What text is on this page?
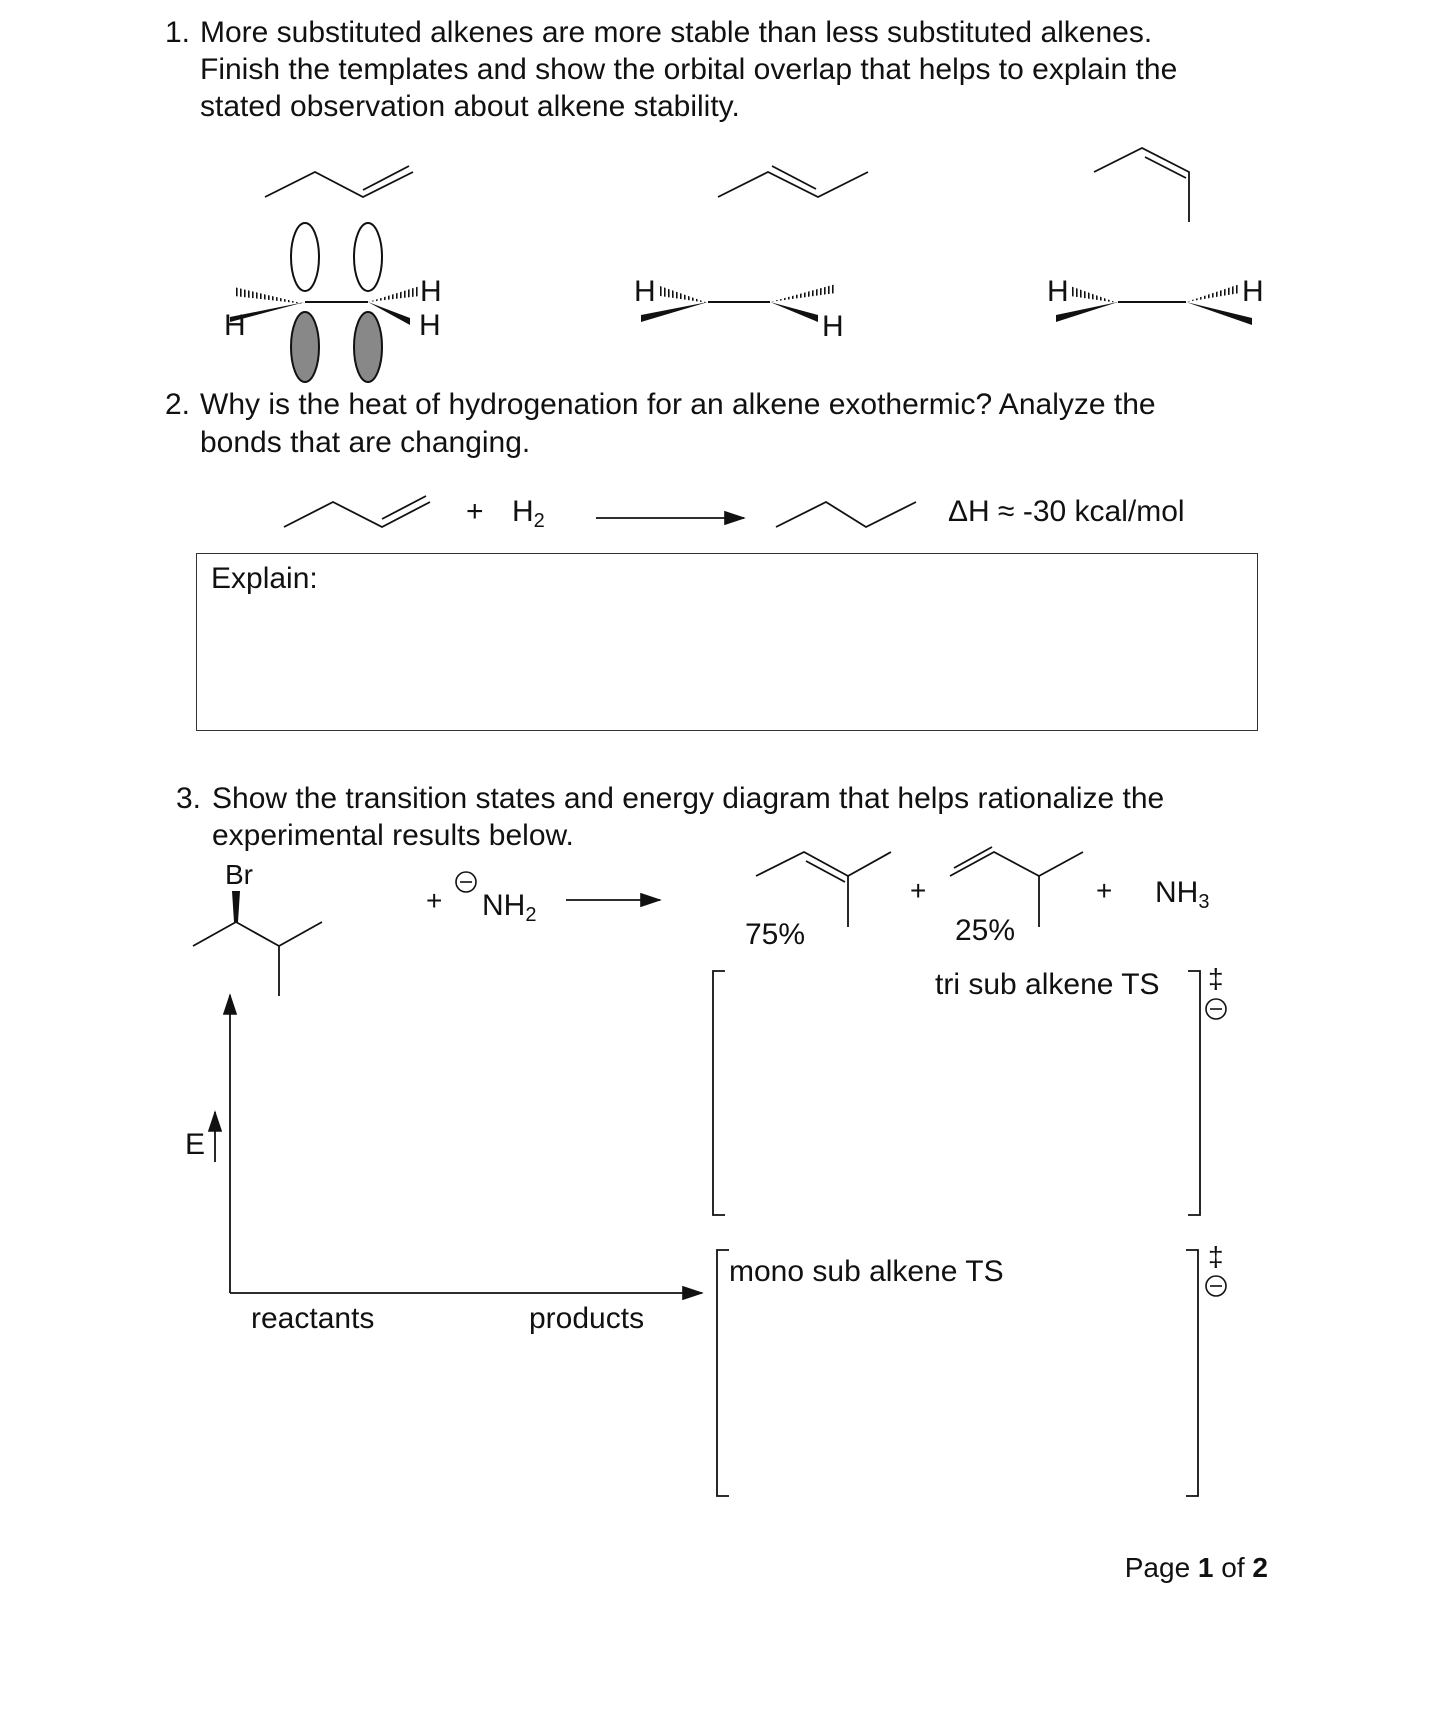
1. More substituted alkenes are more stable than less substituted alkenes.
Finish the templates and show the orbital overlap that helps to explain the
stated observation about alkene stability.
H
H
H
H
H
H	H
2. Why is the heat of hydrogenation for an alkene exothermic? Analyze the
bonds that are changing.
+ $H_2$	ΔH ≈ -30 kcal/mol
Explain:
3. Show the transition states and energy diagram that helps rationalize the
experimental results below.
Br
+ $NH_2$
+	+ $NH_3$
75%	25%
tri sub alkene TS ‡
mono sub alkene TS	‡
E
reactants	products
Page 1 of 2
